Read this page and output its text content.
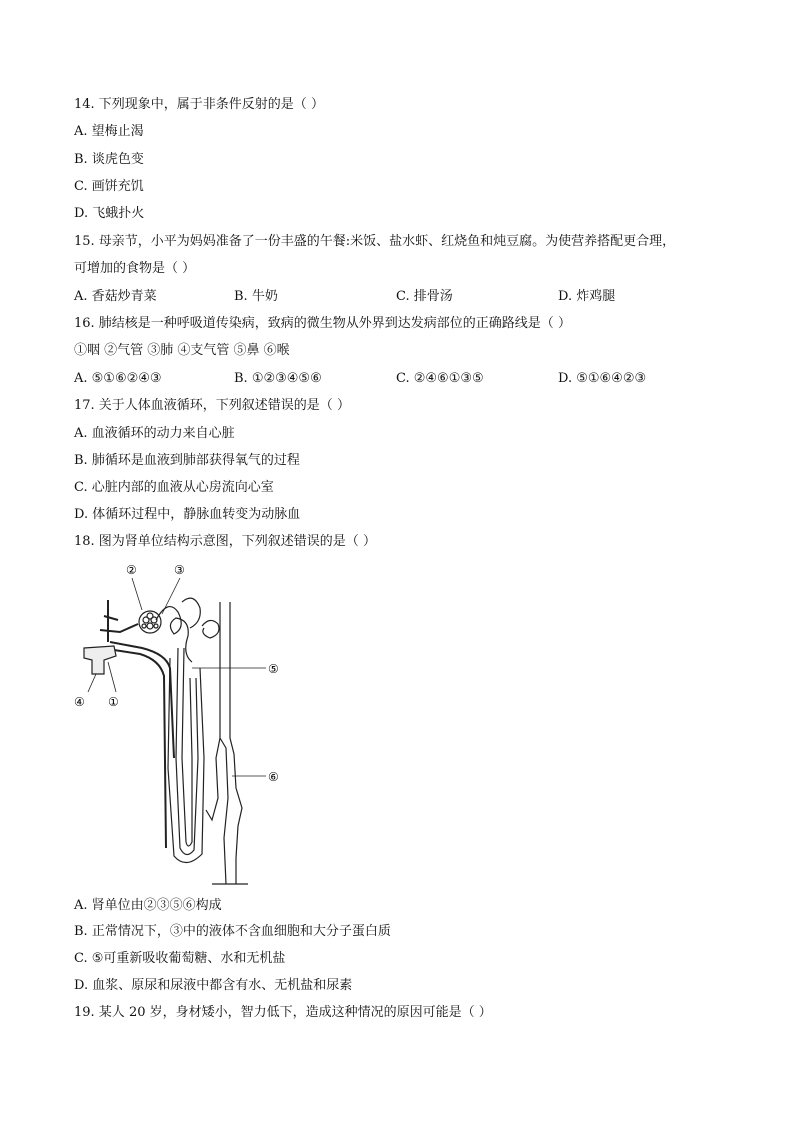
14. 下列现象中，属于非条件反射的是（ ）
A. 望梅止渴
B. 谈虎色变
C. 画饼充饥
D. 飞蛾扑火
15. 母亲节，小平为妈妈准备了一份丰盛的午餐:米饭、盐水虾、红烧鱼和炖豆腐。为使营养搭配更合理，
可增加的食物是（ ）
A. 香菇炒青菜	B. 牛奶	C. 排骨汤	D. 炸鸡腿
16. 肺结核是一种呼吸道传染病，致病的微生物从外界到达发病部位的正确路线是（ ）
①咽 ②气管 ③肺 ④支气管 ⑤鼻 ⑥喉
A. ⑤①⑥②④③	B. ①②③④⑤⑥	C. ②④⑥①③⑤	D. ⑤①⑥④②③
17. 关于人体血液循环，下列叙述错误的是（ ）
A. 血液循环的动力来自心脏
B. 肺循环是血液到肺部获得氧气的过程
C. 心脏内部的血液从心房流向心室
D. 体循环过程中，静脉血转变为动脉血
18. 图为肾单位结构示意图，下列叙述错误的是（ ）
②	③
⑤
④ ①
⑥
A. 肾单位由②③⑤⑥构成
B. 正常情况下，③中的液体不含血细胞和大分子蛋白质
C. ⑤可重新吸收葡萄糖、水和无机盐
D. 血浆、原尿和尿液中都含有水、无机盐和尿素
19. 某人 20 岁，身材矮小，智力低下，造成这种情况的原因可能是（ ）
